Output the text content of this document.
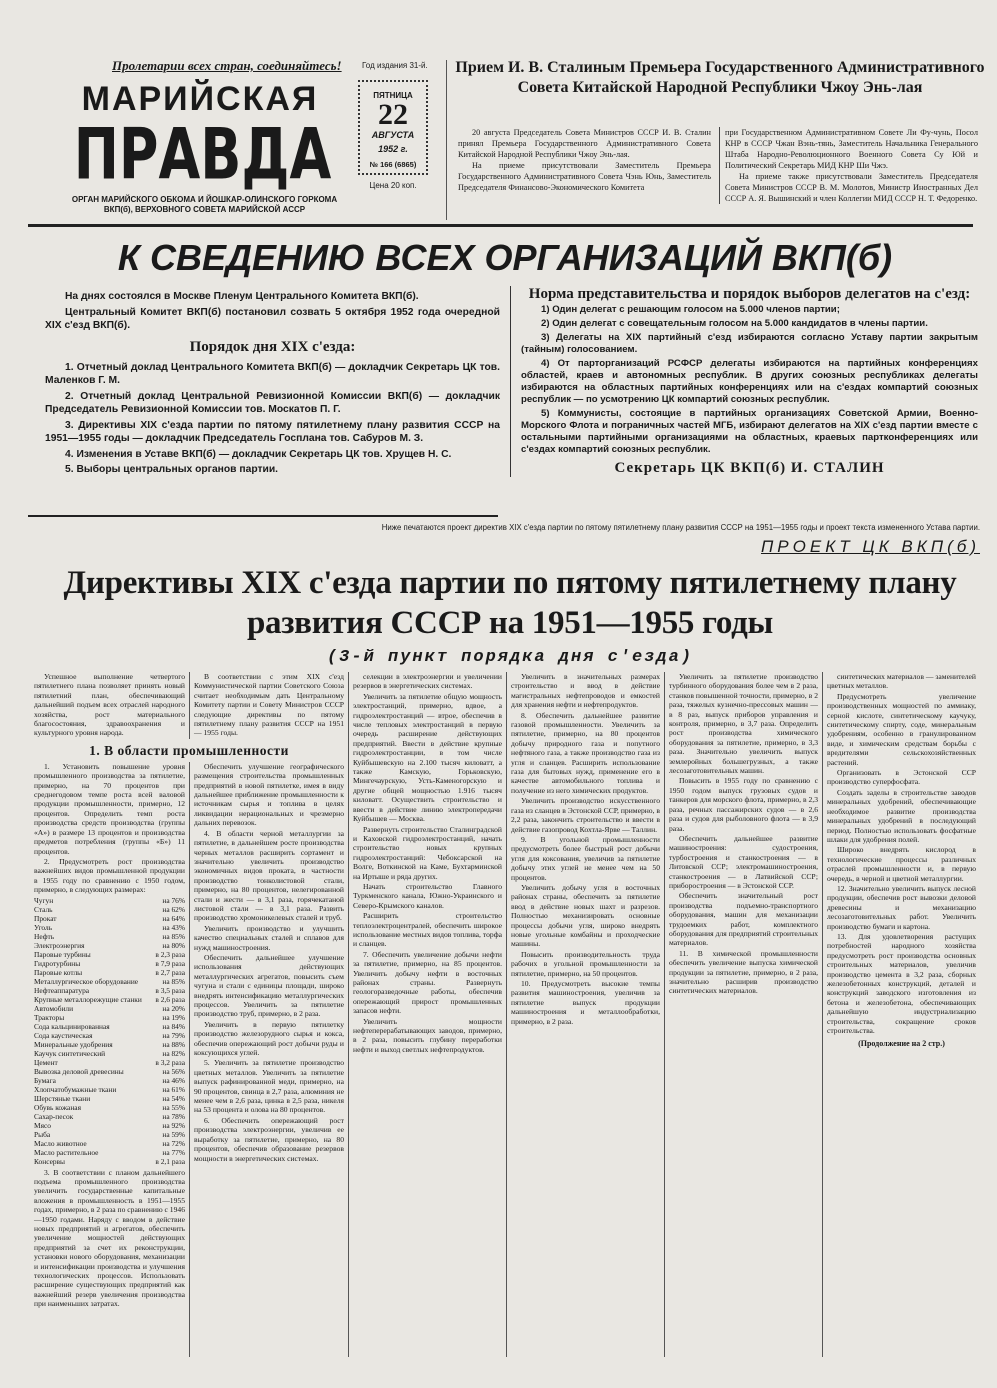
Пролетарии всех стран, соединяйтесь!	Год издания 31-й.
МАРИЙСКАЯ
ПРАВДА
ОРГАН МАРИЙСКОГО ОБКОМА И ЙОШКАР-ОЛИНСКОГО ГОРКОМА ВКП(б), ВЕРХОВНОГО СОВЕТА МАРИЙСКОЙ АССР
ПЯТНИЦА
22
АВГУСТА
1952 г.
№ 166 (6865)
Цена 20 коп.
Прием И. В. Сталиным Премьера Государственного Административного Совета Китайской Народной Республики Чжоу Энь-лая

20 августа Председатель Совета Министров СССР И. В. Сталин принял Премьера Государственного Административного Совета Китайской Народной Республики Чжоу Энь-лая.

На приеме присутствовали Заместитель Премьера Государственного Административного Совета Чэнь Юнь, Заместитель Председателя Финансово-Экономического Комитета

при Государственном Административном Совете Ли Фу-чунь, Посол КНР в СССР Чжан Вэнь-тянь, Заместитель Начальника Генерального Штаба Народно-Революционного Военного Совета Су Юй и Политический Секретарь МИД КНР Ши Чжэ.

На приеме также присутствовали Заместитель Председателя Совета Министров СССР В. М. Молотов, Министр Иностранных Дел СССР А. Я. Вышинский и член Коллегии МИД СССР Н. Т. Федоренко.

К СВЕДЕНИЮ ВСЕХ ОРГАНИЗАЦИЙ ВКП(б)

На днях состоялся в Москве Пленум Центрального Комитета ВКП(б).

Центральный Комитет ВКП(б) постановил созвать 5 октября 1952 года очередной XIX с'езд ВКП(б).

Порядок дня XIX с'езда:

1. Отчетный доклад Центрального Комитета ВКП(б) — докладчик Секретарь ЦК тов. Маленков Г. М.

2. Отчетный доклад Центральной Ревизионной Комиссии ВКП(б) — докладчик Председатель Ревизионной Комиссии тов. Москатов П. Г.

3. Директивы XIX с'езда партии по пятому пятилетнему плану развития СССР на 1951—1955 годы — докладчик Председатель Госплана тов. Сабуров М. З.

4. Изменения в Уставе ВКП(б) — докладчик Секретарь ЦК тов. Хрущев Н. С.

5. Выборы центральных органов партии.

Норма представительства и порядок выборов делегатов на с'езд:

1) Один делегат с решающим голосом на 5.000 членов партии;

2) Один делегат с совещательным голосом на 5.000 кандидатов в члены партии.

3) Делегаты на XIX партийный с'езд избираются согласно Уставу партии закрытым (тайным) голосованием.

4) От парторганизаций РСФСР делегаты избираются на партийных конференциях областей, краев и автономных республик. В других союзных республиках делегаты избираются на областных партийных конференциях или на с'ездах компартий союзных республик — по усмотрению ЦК компартий союзных республик.

5) Коммунисты, состоящие в партийных организациях Советской Армии, Военно-Морского Флота и пограничных частей МГБ, избирают делегатов на XIX с'езд партии вместе с остальными партийными организациями на областных, краевых партконференциях или с'ездах компартий союзных республик.

Секретарь ЦК ВКП(б) И. СТАЛИН
Ниже печатаются проект директив XIX с'езда партии по пятому пятилетнему плану развития СССР на 1951—1955 годы и проект текста измененного Устава партии.
ПРОЕКТ ЦК ВКП(б)
Директивы XIX с'езда партии по пятому пятилетнему плану развития СССР на 1951—1955 годы
(3-й пункт порядка дня с'езда)

Успешное выполнение четвертого пятилетнего плана позволяет принять новый пятилетний план, обеспечивающий дальнейший подъем всех отраслей народного хозяйства, рост материального благосостояния, здравоохранения и культурного уровня народа.

В соответствии с этим XIX с'езд Коммунистической партии Советского Союза считает необходимым дать Центральному Комитету партии и Совету Министров СССР следующие директивы по пятому пятилетнему плану развития СССР на 1951 — 1955 годы.

1. В области промышленности

1. Установить повышение уровня промышленного производства за пятилетие, примерно, на 70 процентов при среднегодовом темпе роста всей валовой продукции промышленности, примерно, 12 процентов. Определить темп роста производства средств производства (группы «А») в размере 13 процентов и производства предметов потребления (группы «Б») 11 процентов.

2. Предусмотреть рост производства важнейших видов промышленной продукции в 1955 году по сравнению с 1950 годом, примерно, в следующих размерах:

Чугун	на 76%
Сталь	на 62%
Прокат	на 64%
Уголь	на 43%
Нефть	на 85%
Электроэнергия	на 80%
Паровые турбины	в 2,3 раза
Гидротурбины	в 7,9 раза
Паровые котлы	в 2,7 раза
Металлургическое оборудование	на 85%
Нефтеаппаратура	в 3,5 раза
Крупные металлорежущие станки	в 2,6 раза
Автомобили	на 20%
Тракторы	на 19%
Сода кальцинированная	на 84%
Сода каустическая	на 79%
Минеральные удобрения	на 88%
Каучук синтетический	на 82%
Цемент	в 3,2 раза
Вывозка деловой древесины	на 56%
Бумага	на 46%
Хлопчатобумажные ткани	на 61%
Шерстяные ткани	на 54%
Обувь кожаная	на 55%
Сахар-песок	на 78%
Мясо	на 92%
Рыба	на 59%
Масло животное	на 72%
Масло растительное	на 77%
Консервы	в 2,1 раза

3. В соответствии с планом дальнейшего подъема промышленного производства увеличить государственные капитальные вложения в промышленность в 1951—1955 годах, примерно, в 2 раза по сравнению с 1946—1950 годами. Наряду с вводом в действие новых предприятий и агрегатов, обеспечить увеличение мощностей действующих предприятий за счет их реконструкции, установки нового оборудования, механизации и интенсификации производства и улучшения технологических процессов. Использовать расширение существующих предприятий как важнейший резерв увеличения производства при наименьших затратах.

Обеспечить улучшение географического размещения строительства промышленных предприятий в новой пятилетке, имея в виду дальнейшее приближение промышленности к источникам сырья и топлива в целях ликвидации нерациональных и чрезмерно дальних перевозок.

4. В области черной металлургии за пятилетие, в дальнейшем росте производства черных металлов расширить сортамент и значительно увеличить производство экономичных видов проката, в частности производство тонколистовой стали, примерно, на 80 процентов, нелегированной стали и жести — в 3,1 раза, горячекатаной листовой стали — в 3,1 раза. Развить производство хромоникелевых сталей и труб.

Увеличить производство и улучшить качество специальных сталей и сплавов для нужд машиностроения.

Обеспечить дальнейшее улучшение использования действующих металлургических агрегатов, повысить съем чугуна и стали с единицы площади, широко внедрять интенсификацию металлургических процессов. Увеличить за пятилетие производство труб, примерно, в 2 раза.

Увеличить в первую пятилетку производство железорудного сырья и кокса, обеспечив опережающий рост добычи руды и коксующихся углей.

5. Увеличить за пятилетие производство цветных металлов. Увеличить за пятилетие выпуск рафинированной меди, примерно, на 90 процентов, свинца в 2,7 раза, алюминия не менее чем в 2,6 раза, цинка в 2,5 раза, никеля на 53 процента и олова на 80 процентов.

6. Обеспечить опережающий рост производства электроэнергии, увеличив ее выработку за пятилетие, примерно, на 80 процентов, обеспечив образование резервов мощности в энергетических системах.

селекции в электроэнергии и увеличении резервов в энергетических системах.

Увеличить за пятилетие общую мощность электростанций, примерно, вдвое, а гидроэлектростанций — втрое, обеспечив в числе тепловых электростанций в первую очередь расширение действующих предприятий. Ввести в действие крупные гидроэлектростанции, в том числе Куйбышевскую на 2.100 тысяч киловатт, а также Камскую, Горьковскую, Мингечаурскую, Усть-Каменогорскую и другие общей мощностью 1.916 тысяч киловатт. Осуществить строительство и ввести в действие линию электропередачи Куйбышев — Москва.

Развернуть строительство Сталинградской и Каховской гидроэлектростанций, начать строительство новых крупных гидроэлектростанций: Чебоксарской на Волге, Воткинской на Каме, Бухтарминской на Иртыше и ряда других.

Начать строительство Главного Туркменского канала, Южно-Украинского и Северо-Крымского каналов.

Расширить строительство теплоэлектроцентралей, обеспечить широкое использование местных видов топлива, торфа и сланцев.

7. Обеспечить увеличение добычи нефти за пятилетие, примерно, на 85 процентов. Увеличить добычу нефти в восточных районах страны. Развернуть геологоразведочные работы, обеспечив опережающий прирост промышленных запасов нефти.

Увеличить мощности нефтеперерабатывающих заводов, примерно, в 2 раза, повысить глубину переработки нефти и выход светлых нефтепродуктов.

Увеличить в значительных размерах строительство и ввод в действие магистральных нефтепроводов и емкостей для хранения нефти и нефтепродуктов.

8. Обеспечить дальнейшее развитие газовой промышленности. Увеличить за пятилетие, примерно, на 80 процентов добычу природного газа и попутного нефтяного газа, а также производство газа из угля и сланцев. Расширить использование газа для бытовых нужд, применение его в качестве автомобильного топлива и получение из него химических продуктов.

Увеличить производство искусственного газа из сланцев в Эстонской ССР, примерно, в 2,2 раза, закончить строительство и ввести в действие газопровод Кохтла-Ярве — Таллин.

9. В угольной промышленности предусмотреть более быстрый рост добычи угля для коксования, увеличив за пятилетие добычу этих углей не менее чем на 50 процентов.

Увеличить добычу угля в восточных районах страны, обеспечить за пятилетие ввод в действие новых шахт и разрезов. Полностью механизировать основные процессы добычи угля, широко внедрять новые угольные комбайны и проходческие машины.

Повысить производительность труда рабочих в угольной промышленности за пятилетие, примерно, на 50 процентов.

10. Предусмотреть высокие темпы развития машиностроения, увеличив за пятилетие выпуск продукции машиностроения и металлообработки, примерно, в 2 раза.

Увеличить за пятилетие производство турбинного оборудования более чем в 2 раза, станков повышенной точности, примерно, в 2 раза, тяжелых кузнечно-прессовых машин — в 8 раз, выпуск приборов управления и контроля, примерно, в 3,7 раза. Определить рост производства химического оборудования за пятилетие, примерно, в 3,3 раза. Значительно увеличить выпуск землеройных большегрузных, а также лесозаготовительных машин.

Повысить в 1955 году по сравнению с 1950 годом выпуск грузовых судов и танкеров для морского флота, примерно, в 2,3 раза, речных пассажирских судов — в 2,6 раза и судов для рыболовного флота — в 3,9 раза.

Обеспечить дальнейшее развитие машиностроения: судостроения, турбостроения и станкостроения — в Литовской ССР; электромашиностроения, станкостроения — в Латвийской ССР; приборостроения — в Эстонской ССР.

Обеспечить значительный рост производства подъемно-транспортного оборудования, машин для механизации трудоемких работ, комплектного оборудования для предприятий строительных материалов.

11. В химической промышленности обеспечить увеличение выпуска химической продукции за пятилетие, примерно, в 2 раза, значительно расширив производство синтетических материалов.

синтетических материалов — заменителей цветных металлов.

Предусмотреть увеличение производственных мощностей по аммиаку, серной кислоте, синтетическому каучуку, синтетическому спирту, соде, минеральным удобрениям, особенно в гранулированном виде, и химическим средствам борьбы с вредителями сельскохозяйственных растений.

Организовать в Эстонской ССР производство суперфосфата.

Создать заделы в строительстве заводов минеральных удобрений, обеспечивающие необходимое развитие производства минеральных удобрений в последующий период. Полностью использовать фосфатные шлаки для удобрения полей.

Широко внедрять кислород в технологические процессы различных отраслей промышленности и, в первую очередь, в черной и цветной металлургии.

12. Значительно увеличить выпуск лесной продукции, обеспечив рост вывозки деловой древесины и механизацию лесозаготовительных работ. Увеличить производство бумаги и картона.

13. Для удовлетворения растущих потребностей народного хозяйства предусмотреть рост производства основных строительных материалов, увеличив производство цемента в 3,2 раза, сборных железобетонных конструкций, деталей и конструкций заводского изготовления из бетона и железобетона, обеспечивающих дальнейшую индустриализацию строительства, сокращение сроков строительства.

(Продолжение на 2 стр.)
